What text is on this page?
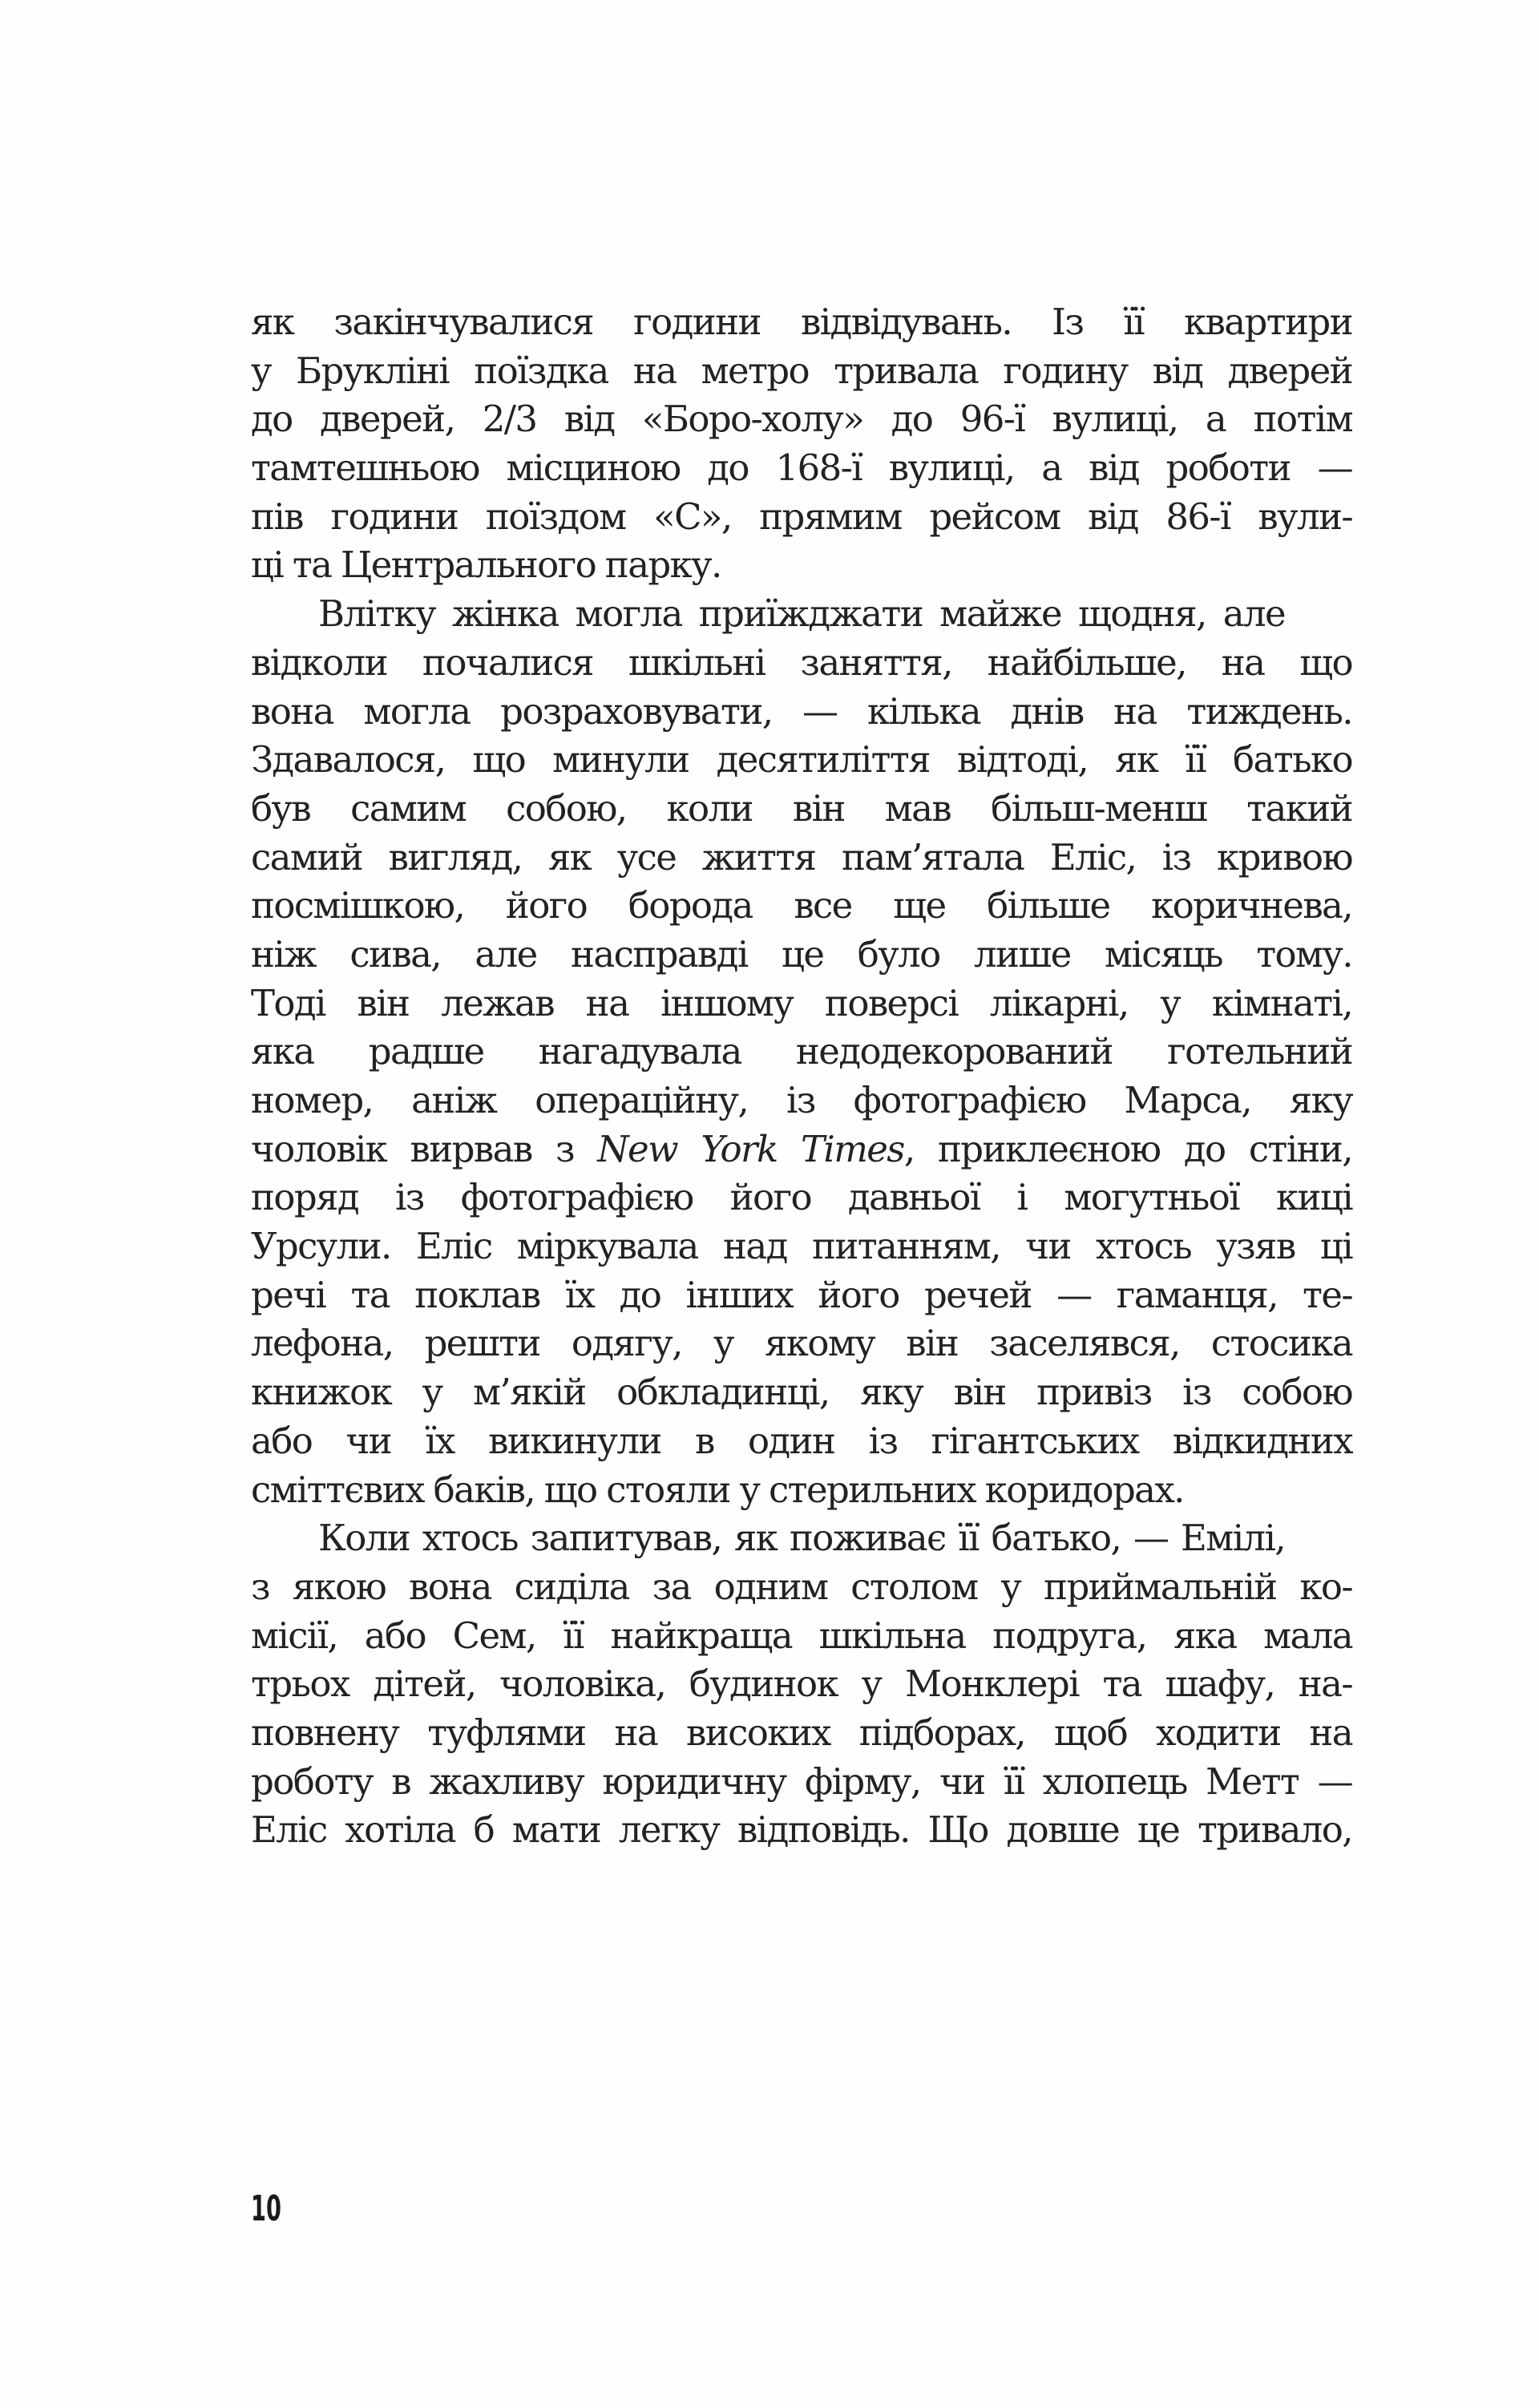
як закінчувалися години відвідувань. Із її квартири
у Брукліні поїздка на метро тривала годину від дверей
до дверей, 2/3 від «Боро-холу» до 96-ї вулиці, а потім
тамтешньою місциною до 168-ї вулиці, а від роботи —
пів години поїздом «С», прямим рейсом від 86-ї вули-
ці та Центрального парку.
Влітку жінка могла приїжджати майже щодня, але
відколи почалися шкільні заняття, найбільше, на що
вона могла розраховувати, — кілька днів на тиждень.
Здавалося, що минули десятиліття відтоді, як її батько
був самим собою, коли він мав більш-менш такий
самий вигляд, як усе життя пам’ятала Еліс, із кривою
посмішкою, його борода все ще більше коричнева,
ніж сива, але насправді це було лише місяць тому.
Тоді він лежав на іншому поверсі лікарні, у кімнаті,
яка радше нагадувала недодекорований готельний
номер, аніж операційну, із фотографією Марса, яку
чоловік вирвав з New York Times, приклеєною до стіни,
поряд із фотографією його давньої і могутньої киці
Урсули. Еліс міркувала над питанням, чи хтось узяв ці
речі та поклав їх до інших його речей — гаманця, те-
лефона, решти одягу, у якому він заселявся, стосика
книжок у м’якій обкладинці, яку він привіз із собою
або чи їх викинули в один із гігантських відкидних
сміттєвих баків, що стояли у стерильних коридорах.
Коли хтось запитував, як поживає її батько, — Емілі,
з якою вона сиділа за одним столом у приймальній ко-
місії, або Сем, її найкраща шкільна подруга, яка мала
трьох дітей, чоловіка, будинок у Монклері та шафу, на-
повнену туфлями на високих підборах, щоб ходити на
роботу в жахливу юридичну фірму, чи її хлопець Метт —
Еліс хотіла б мати легку відповідь. Що довше це тривало,
10
